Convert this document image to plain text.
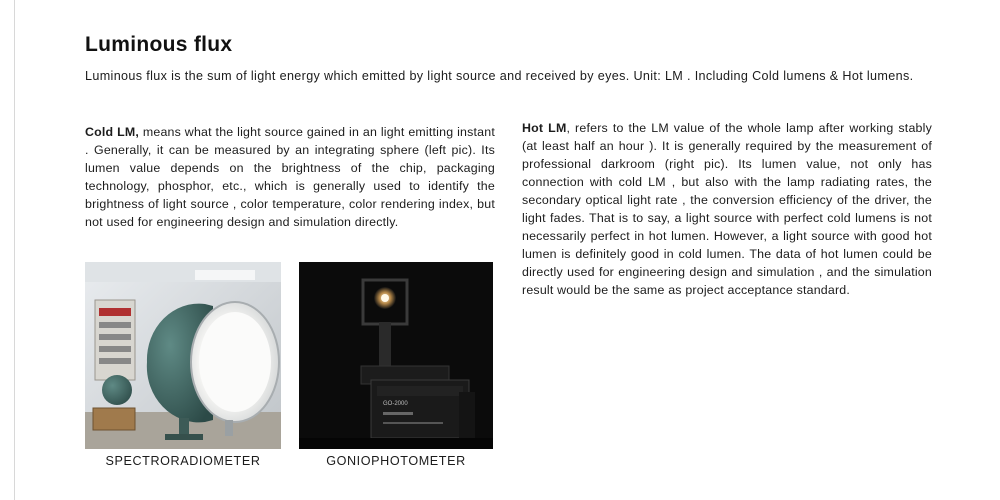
Luminous flux
Luminous flux is the sum of light energy which emitted by light source and received by eyes. Unit: LM . Including Cold lumens & Hot lumens.
Cold LM, means what the light source gained in an light emitting instant . Generally, it can be measured by an integrating sphere (left pic). Its lumen value depends on the brightness of the chip, packaging technology, phosphor, etc., which is generally used to identify the brightness of light source , color temperature, color rendering index, but not used for engineering design and simulation directly.
Hot LM, refers to the LM value of the whole lamp after working stably (at least half an hour ). It is generally required by the measurement of professional darkroom (right pic). Its lumen value, not only has connection with cold LM , but also with the lamp radiating rates, the secondary optical light rate , the conversion efficiency of the driver, the light fades. That is to say, a light source with perfect cold lumens is not necessarily perfect in hot lumen. However, a light source with good hot lumen is definitely good in cold lumen. The data of hot lumen could be directly used for engineering design and simulation , and the simulation result would be the same as project acceptance standard.
GO-2000
SPECTRORADIOMETER	GONIOPHOTOMETER
